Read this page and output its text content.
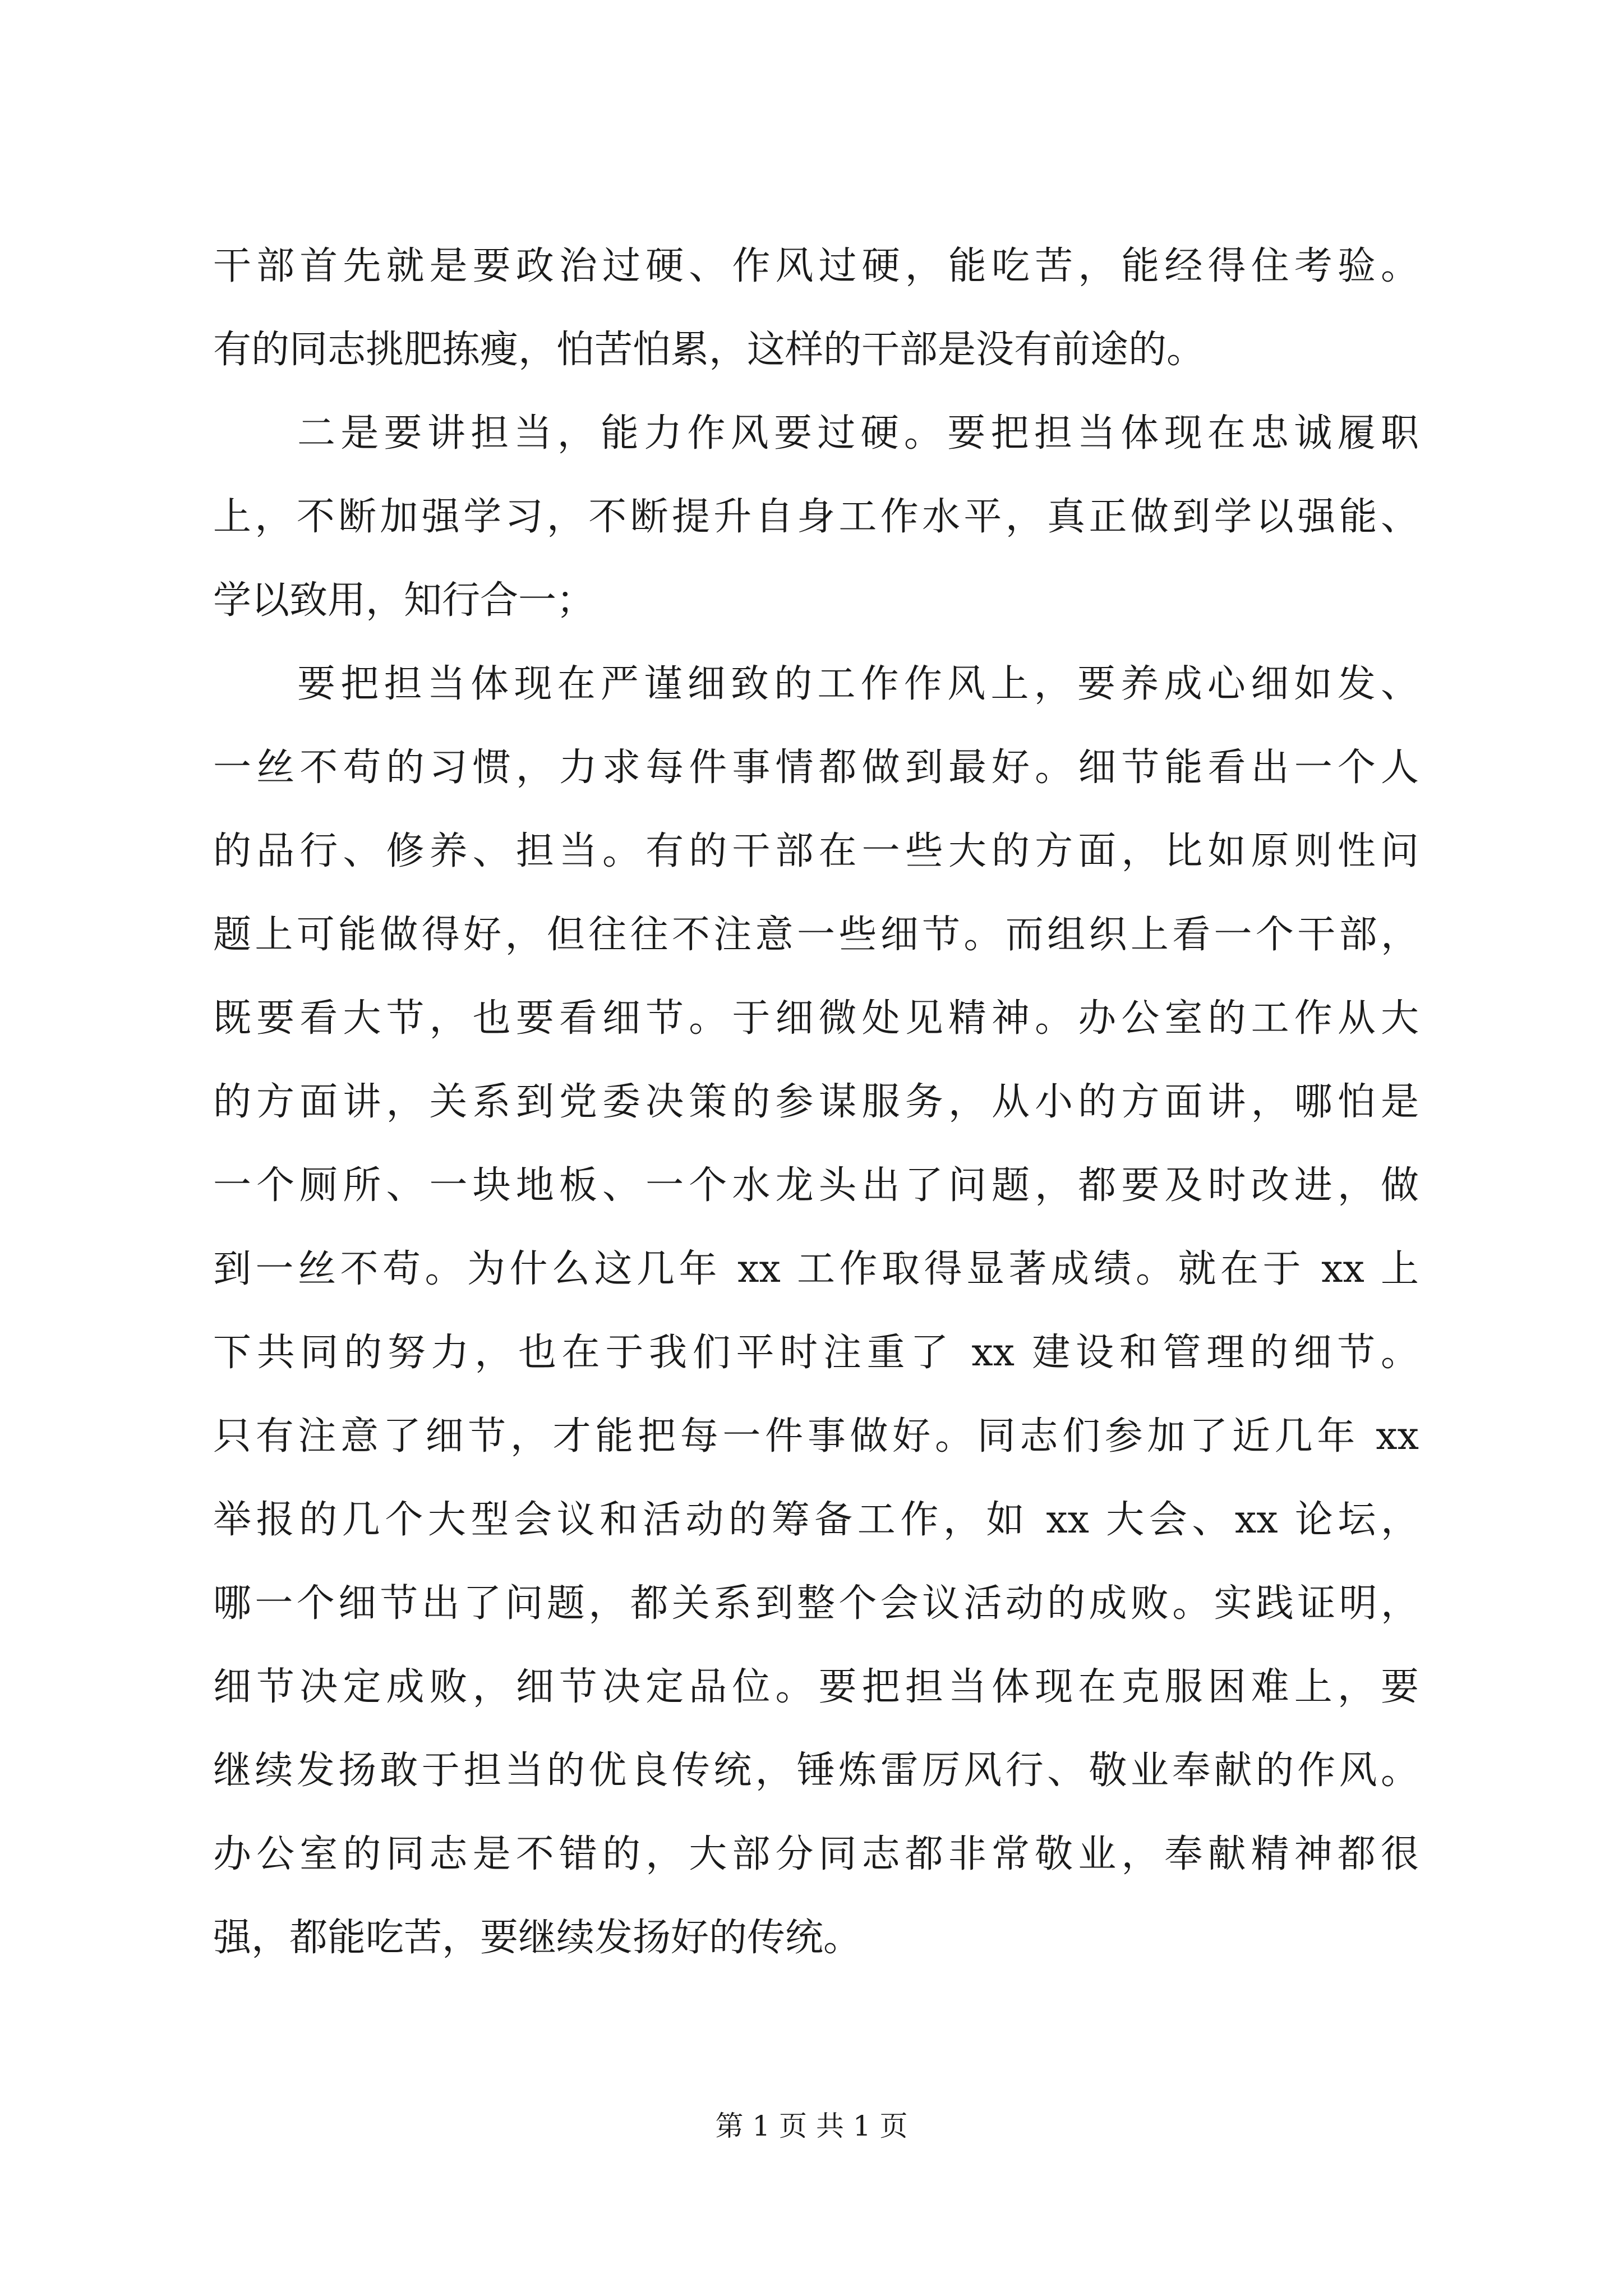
干部首先就是要政治过硬、作风过硬，能吃苦，能经得住考验。
有的同志挑肥拣瘦，怕苦怕累，这样的干部是没有前途的。
二是要讲担当，能力作风要过硬。要把担当体现在忠诚履职
上，不断加强学习，不断提升自身工作水平，真正做到学以强能、
学以致用，知行合一；
要把担当体现在严谨细致的工作作风上，要养成心细如发、
一丝不苟的习惯，力求每件事情都做到最好。细节能看出一个人
的品行、修养、担当。有的干部在一些大的方面，比如原则性问
题上可能做得好，但往往不注意一些细节。而组织上看一个干部，
既要看大节，也要看细节。于细微处见精神。办公室的工作从大
的方面讲，关系到党委决策的参谋服务，从小的方面讲，哪怕是
一个厕所、一块地板、一个水龙头出了问题，都要及时改进，做
到一丝不苟。为什么这几年 xx 工作取得显著成绩。就在于 xx 上
下共同的努力，也在于我们平时注重了 xx 建设和管理的细节。
只有注意了细节，才能把每一件事做好。同志们参加了近几年 xx
举报的几个大型会议和活动的筹备工作，如 xx 大会、xx 论坛，
哪一个细节出了问题，都关系到整个会议活动的成败。实践证明，
细节决定成败，细节决定品位。要把担当体现在克服困难上，要
继续发扬敢于担当的优良传统，锤炼雷厉风行、敬业奉献的作风。
办公室的同志是不错的，大部分同志都非常敬业，奉献精神都很
强，都能吃苦，要继续发扬好的传统。
第 1 页 共 1 页
